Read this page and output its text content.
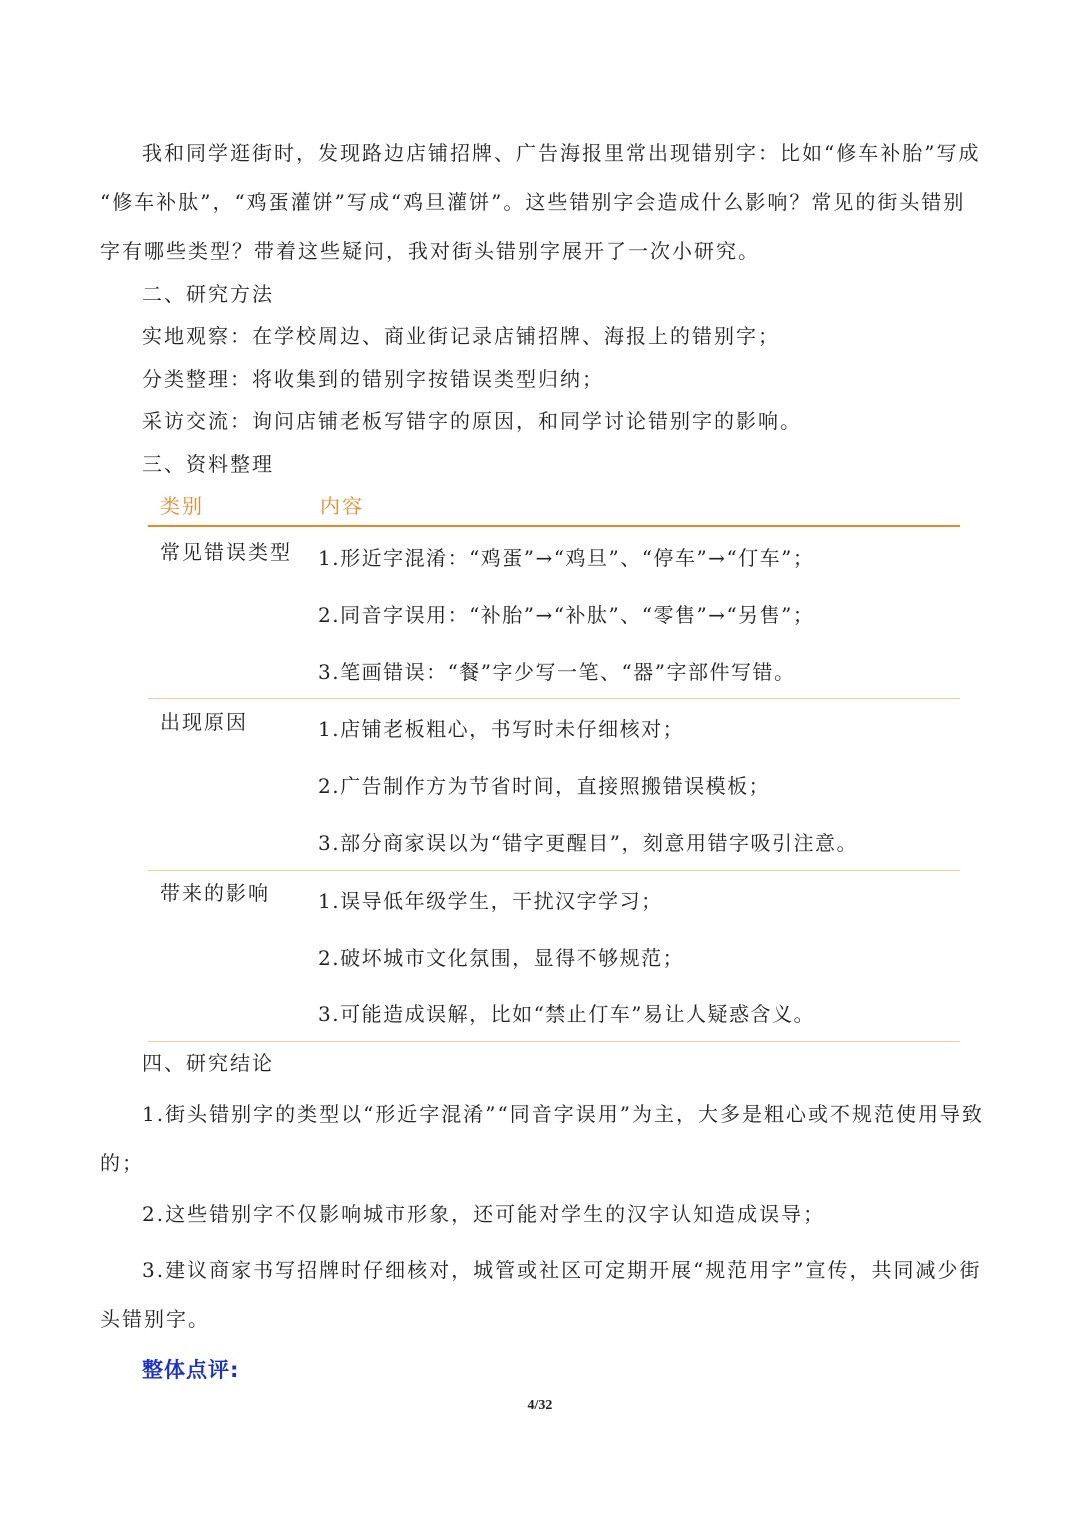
我和同学逛街时，发现路边店铺招牌、广告海报里常出现错别字：比如“修车补胎”写成
“修车补肽”，“鸡蛋灌饼”写成“鸡旦灌饼”。这些错别字会造成什么影响？常见的街头错别
字有哪些类型？带着这些疑问，我对街头错别字展开了一次小研究。
二、研究方法
实地观察：在学校周边、商业街记录店铺招牌、海报上的错别字；
分类整理：将收集到的错别字按错误类型归纳；
采访交流：询问店铺老板写错字的原因，和同学讨论错别字的影响。
三、资料整理
类别	内容
常见错误类型 1.形近字混淆：“鸡蛋”→“鸡旦”、“停车”→“仃车”；
2.同音字误用：“补胎”→“补肽”、“零售”→“另售”；
3.笔画错误：“餐”字少写一笔、“器”字部件写错。
出现原因	1.店铺老板粗心，书写时未仔细核对；
2.广告制作方为节省时间，直接照搬错误模板；
3.部分商家误以为“错字更醒目”，刻意用错字吸引注意。
带来的影响 1.误导低年级学生，干扰汉字学习；
2.破坏城市文化氛围，显得不够规范；
3.可能造成误解，比如“禁止仃车”易让人疑惑含义。
四、研究结论
1.街头错别字的类型以“形近字混淆”“同音字误用”为主，大多是粗心或不规范使用导致
的；
2.这些错别字不仅影响城市形象，还可能对学生的汉字认知造成误导；
3.建议商家书写招牌时仔细核对，城管或社区可定期开展“规范用字”宣传，共同减少街
头错别字。
整体点评:
4/32
